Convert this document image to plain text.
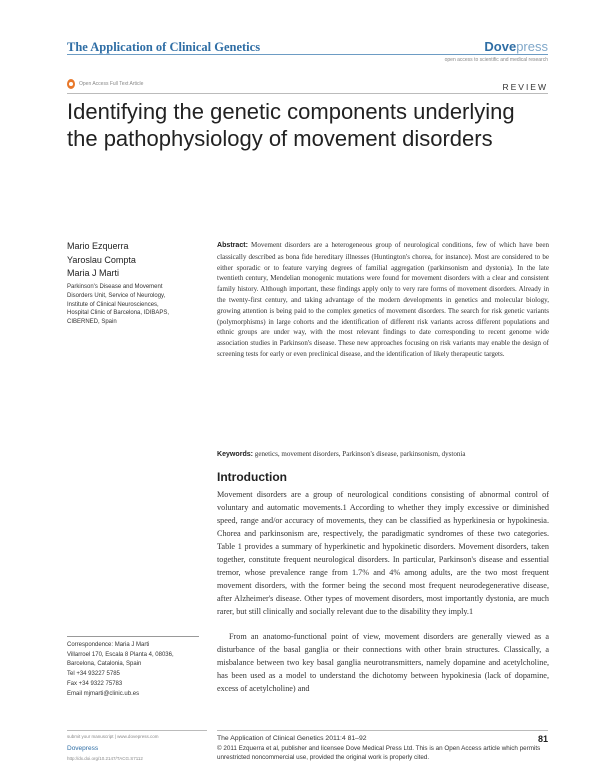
The Application of Clinical Genetics	Dovepress
open access to scientific and medical research
Open Access Full Text Article	REVIEW
Identifying the genetic components underlying the pathophysiology of movement disorders
Mario Ezquerra
Yaroslau Compta
Maria J Marti
Parkinson's Disease and Movement
Disorders Unit, Service of Neurology,
Institute of Clinical Neurosciences,
Hospital Clinic of Barcelona, IDIBAPS,
CIBERNED, Spain
Abstract: Movement disorders are a heterogeneous group of neurological conditions, few of which have been classically described as bona fide hereditary illnesses (Huntington's chorea, for instance). Most are considered to be either sporadic or to feature varying degrees of familial aggregation (parkinsonism and dystonia). In the late twentieth century, Mendelian monogenic mutations were found for movement disorders with a clear and consistent family history. Although important, these findings apply only to very rare forms of movement disorders. Already in the twenty-first century, and taking advantage of the modern developments in genetics and molecular biology, growing attention is being paid to the complex genetics of movement disorders. The search for risk genetic variants (polymorphisms) in large cohorts and the identification of different risk variants across different populations and ethnic groups are under way, with the most relevant findings to date corresponding to recent genome wide association studies in Parkinson's disease. These new approaches focusing on risk variants may enable the design of screening tests for early or even preclinical disease, and the identification of likely therapeutic targets.
Keywords: genetics, movement disorders, Parkinson's disease, parkinsonism, dystonia
Introduction

Movement disorders are a group of neurological conditions consisting of abnormal control of voluntary and automatic movements.1 According to whether they imply excessive or diminished speed, range and/or accuracy of movements, they can be classified as hyperkinesia or hypokinesia. Chorea and parkinsonism are, respectively, the paradigmatic syndromes of these two categories. Table 1 provides a summary of hyperkinetic and hypokinetic disorders. Movement disorders, taken together, constitute frequent neurological disorders. In particular, Parkinson's disease and essential tremor, whose prevalence range from 1.7% and 4% among adults, are the two most frequent movement disorders, with the former being the second most frequent neurodegenerative disease, after Alzheimer's disease. Other types of movement disorders, most importantly dystonia, are much rarer, but still clinically and socially relevant due to the disability they imply.1

From an anatomo-functional point of view, movement disorders are generally viewed as a disturbance of the basal ganglia or their connections with other brain structures. Classically, a misbalance between two key basal ganglia neurotransmitters, namely dopamine and acetylcholine, has been used as a model to understand the dichotomy between hypokinesia (lack of dopamine, excess of acetylcholine) and

Correspondence: Maria J Marti
Villarroel 170, Escala 8 Planta 4, 08036,
Barcelona, Catalonia, Spain
Tel +34 93227 5785
Fax +34 9322 75783
Email mjmarti@clinic.ub.es
submit your manuscript | www.dovepress.com
Dovepress
http://dx.doi.org/10.2147/TACG.S7112
The Application of Clinical Genetics 2011:4 81–92	81
© 2011 Ezquerra et al, publisher and licensee Dove Medical Press Ltd. This is an Open Access article which permits unrestricted noncommercial use, provided the original work is properly cited.
